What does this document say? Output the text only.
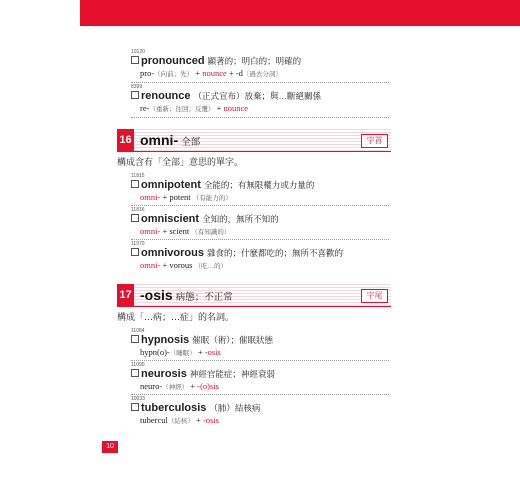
10120
pronounced 顯著的；明白的；明確的
pro-（向前；先） + nounce + -d〔過去分詞〕
8399
renounce （正式宣布）放棄；與…斷絕關係
re-（重新；往回；反覆） + nounce
16 omni- 全部	字首
構成含有「全部」意思的單字。
11815
omnipotent 全能的；有無限權力或力量的
omni- + potent （有能力的）
11816
omniscient 全知的，無所不知的
omni- + scient （有知識的）
11970
omnivorous 雜食的；什麼都吃的；無所不喜歡的
omni- + vorous （吃…的）
17 -osis 病態；不正常	字尾
構成「…病；…症」的名詞。
11084
hypnosis 催眠（術）；催眠狀態
hypn(o)-（睡眠） + -osis
11090
neurosis 神經官能症；神經衰弱
neuro-（神經） + -(o)sis
10033
tuberculosis （肺）結核病
tubercul（結核） + -osis
10
